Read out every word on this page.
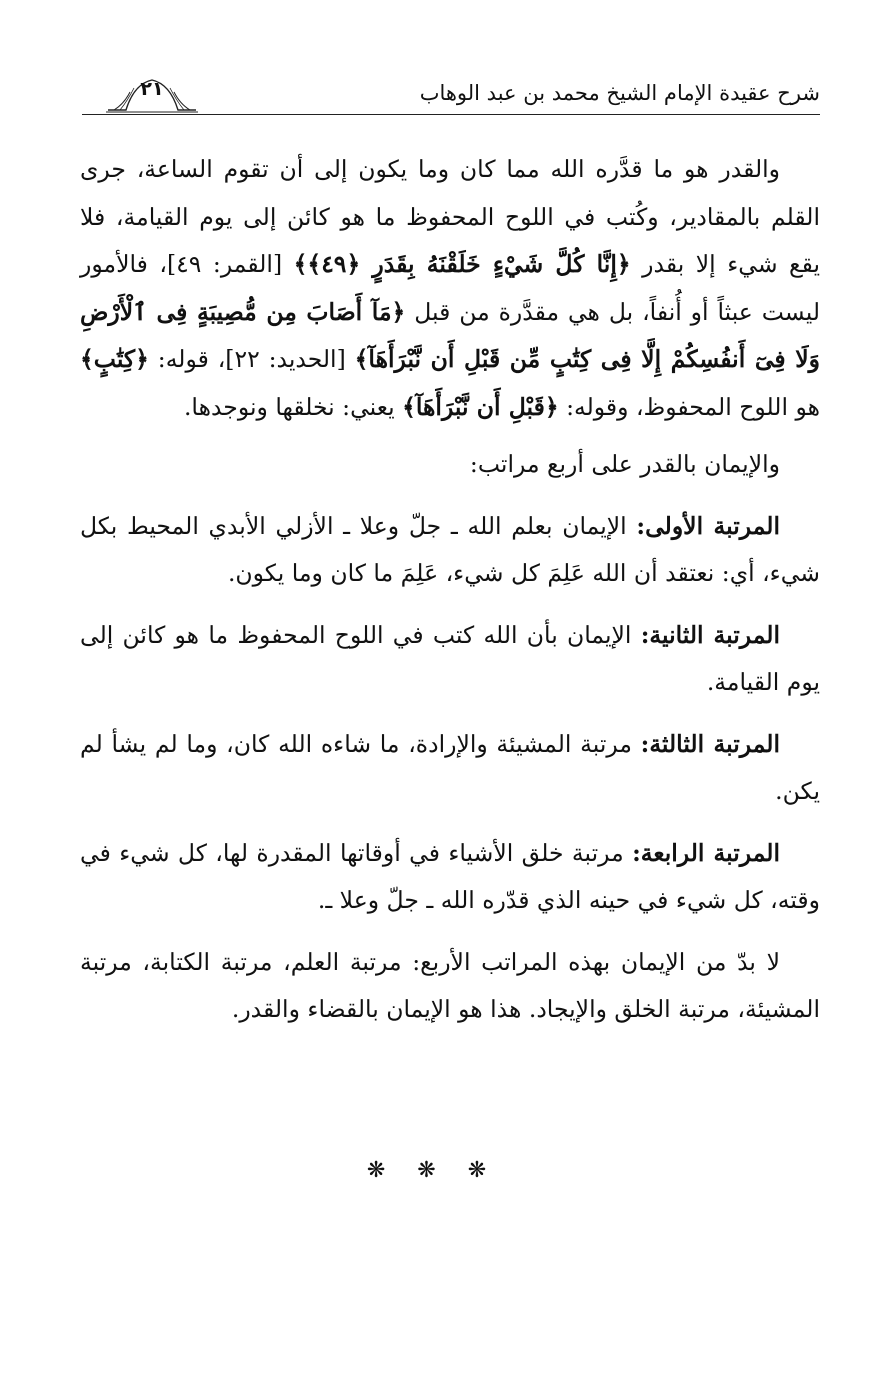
شرح عقيدة الإمام الشيخ محمد بن عبد الوهاب
٢١

والقدر هو ما قدَّره الله مما كان وما يكون إلى أن تقوم الساعة، جرى القلم بالمقادير، وكُتب في اللوح المحفوظ ما هو كائن إلى يوم القيامة، فلا يقع شيء إلا بقدر ﴿إِنَّا كُلَّ شَيْءٍ خَلَقْنَهُ بِقَدَرٍ ﴿٤٩﴾﴾ [القمر: ٤٩]، فالأمور ليست عبثاً أو أُنفاً، بل هي مقدَّرة من قبل ﴿مَآ أَصَابَ مِن مُّصِيبَةٍ فِى ٱلْأَرْضِ وَلَا فِىٓ أَنفُسِكُمْ إِلَّا فِى كِتَٰبٍ مِّن قَبْلِ أَن نَّبْرَأَهَآ﴾ [الحديد: ٢٢]، قوله: ﴿كِتَٰبٍ﴾ هو اللوح المحفوظ، وقوله: ﴿قَبْلِ أَن نَّبْرَأَهَآ﴾ يعني: نخلقها ونوجدها.

والإيمان بالقدر على أربع مراتب:

المرتبة الأولى: الإيمان بعلم الله ـ جلّ وعلا ـ الأزلي الأبدي المحيط بكل شيء، أي: نعتقد أن الله عَلِمَ كل شيء، عَلِمَ ما كان وما يكون.

المرتبة الثانية: الإيمان بأن الله كتب في اللوح المحفوظ ما هو كائن إلى يوم القيامة.

المرتبة الثالثة: مرتبة المشيئة والإرادة، ما شاءه الله كان، وما لم يشأ لم يكن.

المرتبة الرابعة: مرتبة خلق الأشياء في أوقاتها المقدرة لها، كل شيء في وقته، كل شيء في حينه الذي قدّره الله ـ جلّ وعلا ـ.

لا بدّ من الإيمان بهذه المراتب الأربع: مرتبة العلم، مرتبة الكتابة، مرتبة المشيئة، مرتبة الخلق والإيجاد. هذا هو الإيمان بالقضاء والقدر.

❋ ❋ ❋
